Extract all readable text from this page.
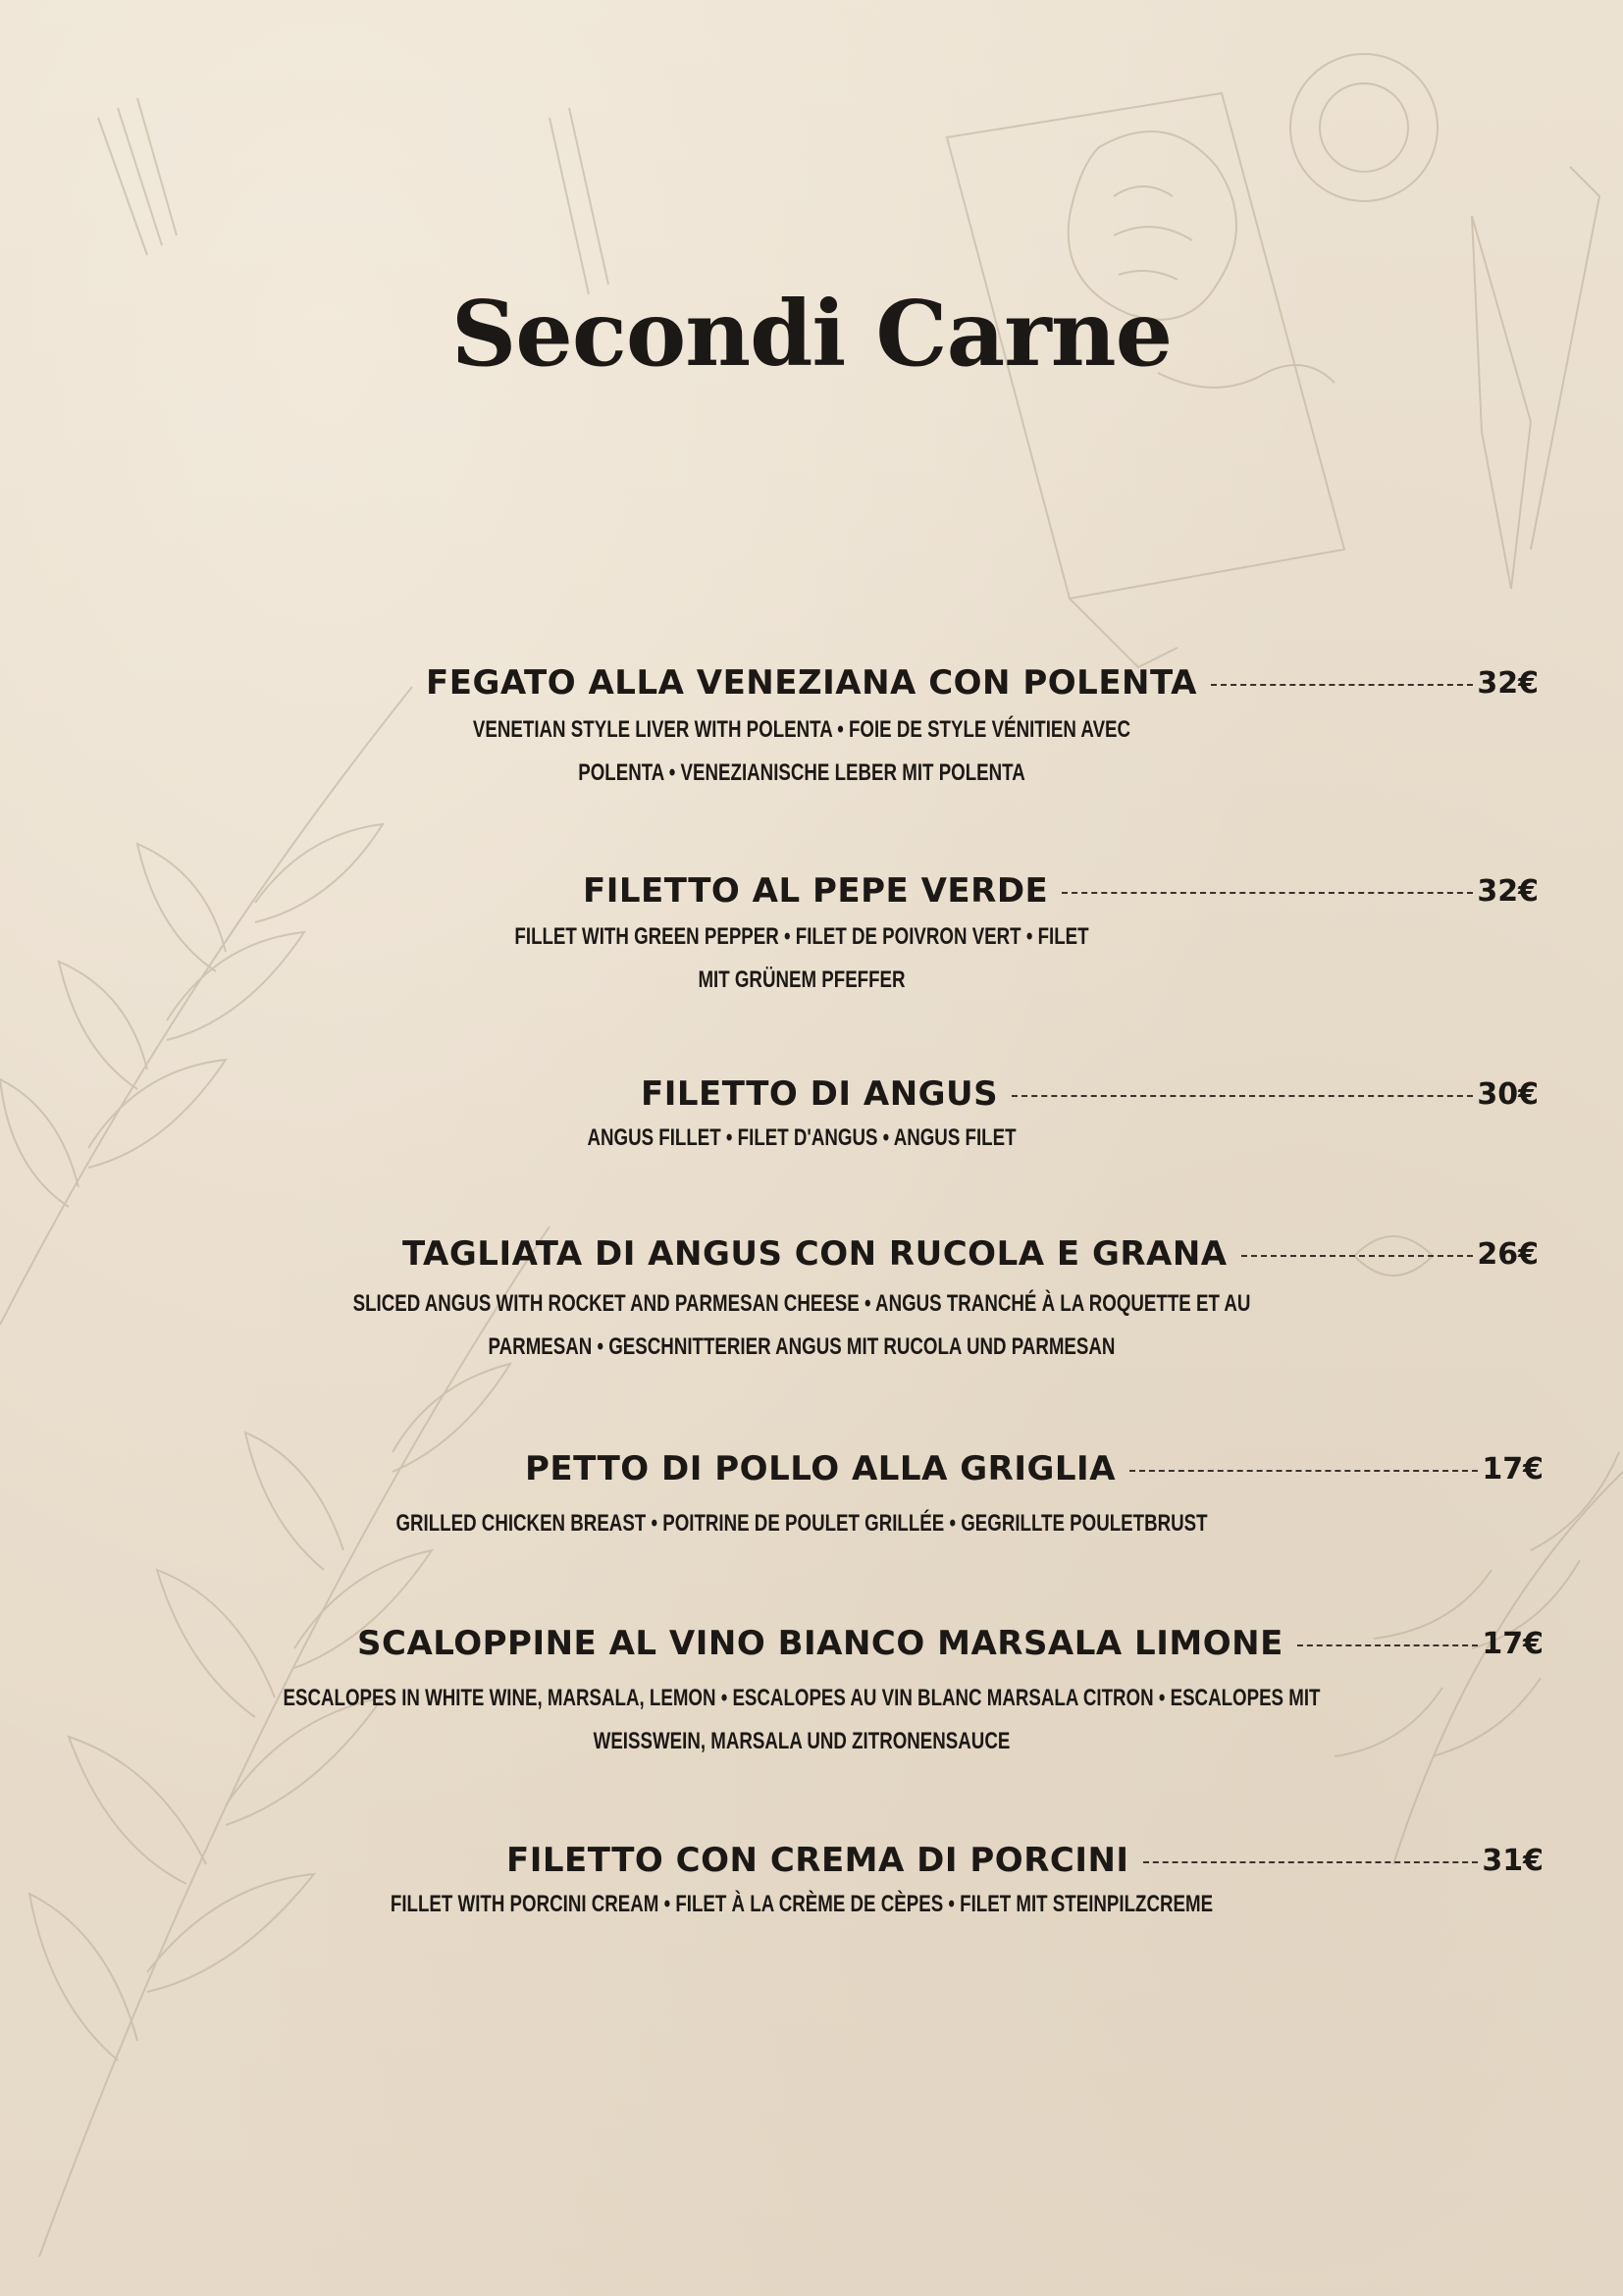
Secondi Carne
FEGATO ALLA VENEZIANA CON POLENTA	32€
VENETIAN STYLE LIVER WITH POLENTA • FOIE DE STYLE VÉNITIEN AVEC
POLENTA • VENEZIANISCHE LEBER MIT POLENTA
FILETTO AL PEPE VERDE	32€
FILLET WITH GREEN PEPPER • FILET DE POIVRON VERT • FILET
MIT GRÜNEM PFEFFER
FILETTO DI ANGUS	30€
ANGUS FILLET • FILET D'ANGUS • ANGUS FILET
TAGLIATA DI ANGUS CON RUCOLA E GRANA	26€
SLICED ANGUS WITH ROCKET AND PARMESAN CHEESE • ANGUS TRANCHÉ À LA ROQUETTE ET AU
PARMESAN • GESCHNITTERIER ANGUS MIT RUCOLA UND PARMESAN
PETTO DI POLLO ALLA GRIGLIA	17€
GRILLED CHICKEN BREAST • POITRINE DE POULET GRILLÉE • GEGRILLTE POULETBRUST
SCALOPPINE AL VINO BIANCO MARSALA LIMONE	17€
ESCALOPES IN WHITE WINE, MARSALA, LEMON • ESCALOPES AU VIN BLANC MARSALA CITRON • ESCALOPES MIT
WEISSWEIN, MARSALA UND ZITRONENSAUCE
FILETTO CON CREMA DI PORCINI	31€
FILLET WITH PORCINI CREAM • FILET À LA CRÈME DE CÈPES • FILET MIT STEINPILZCREME
